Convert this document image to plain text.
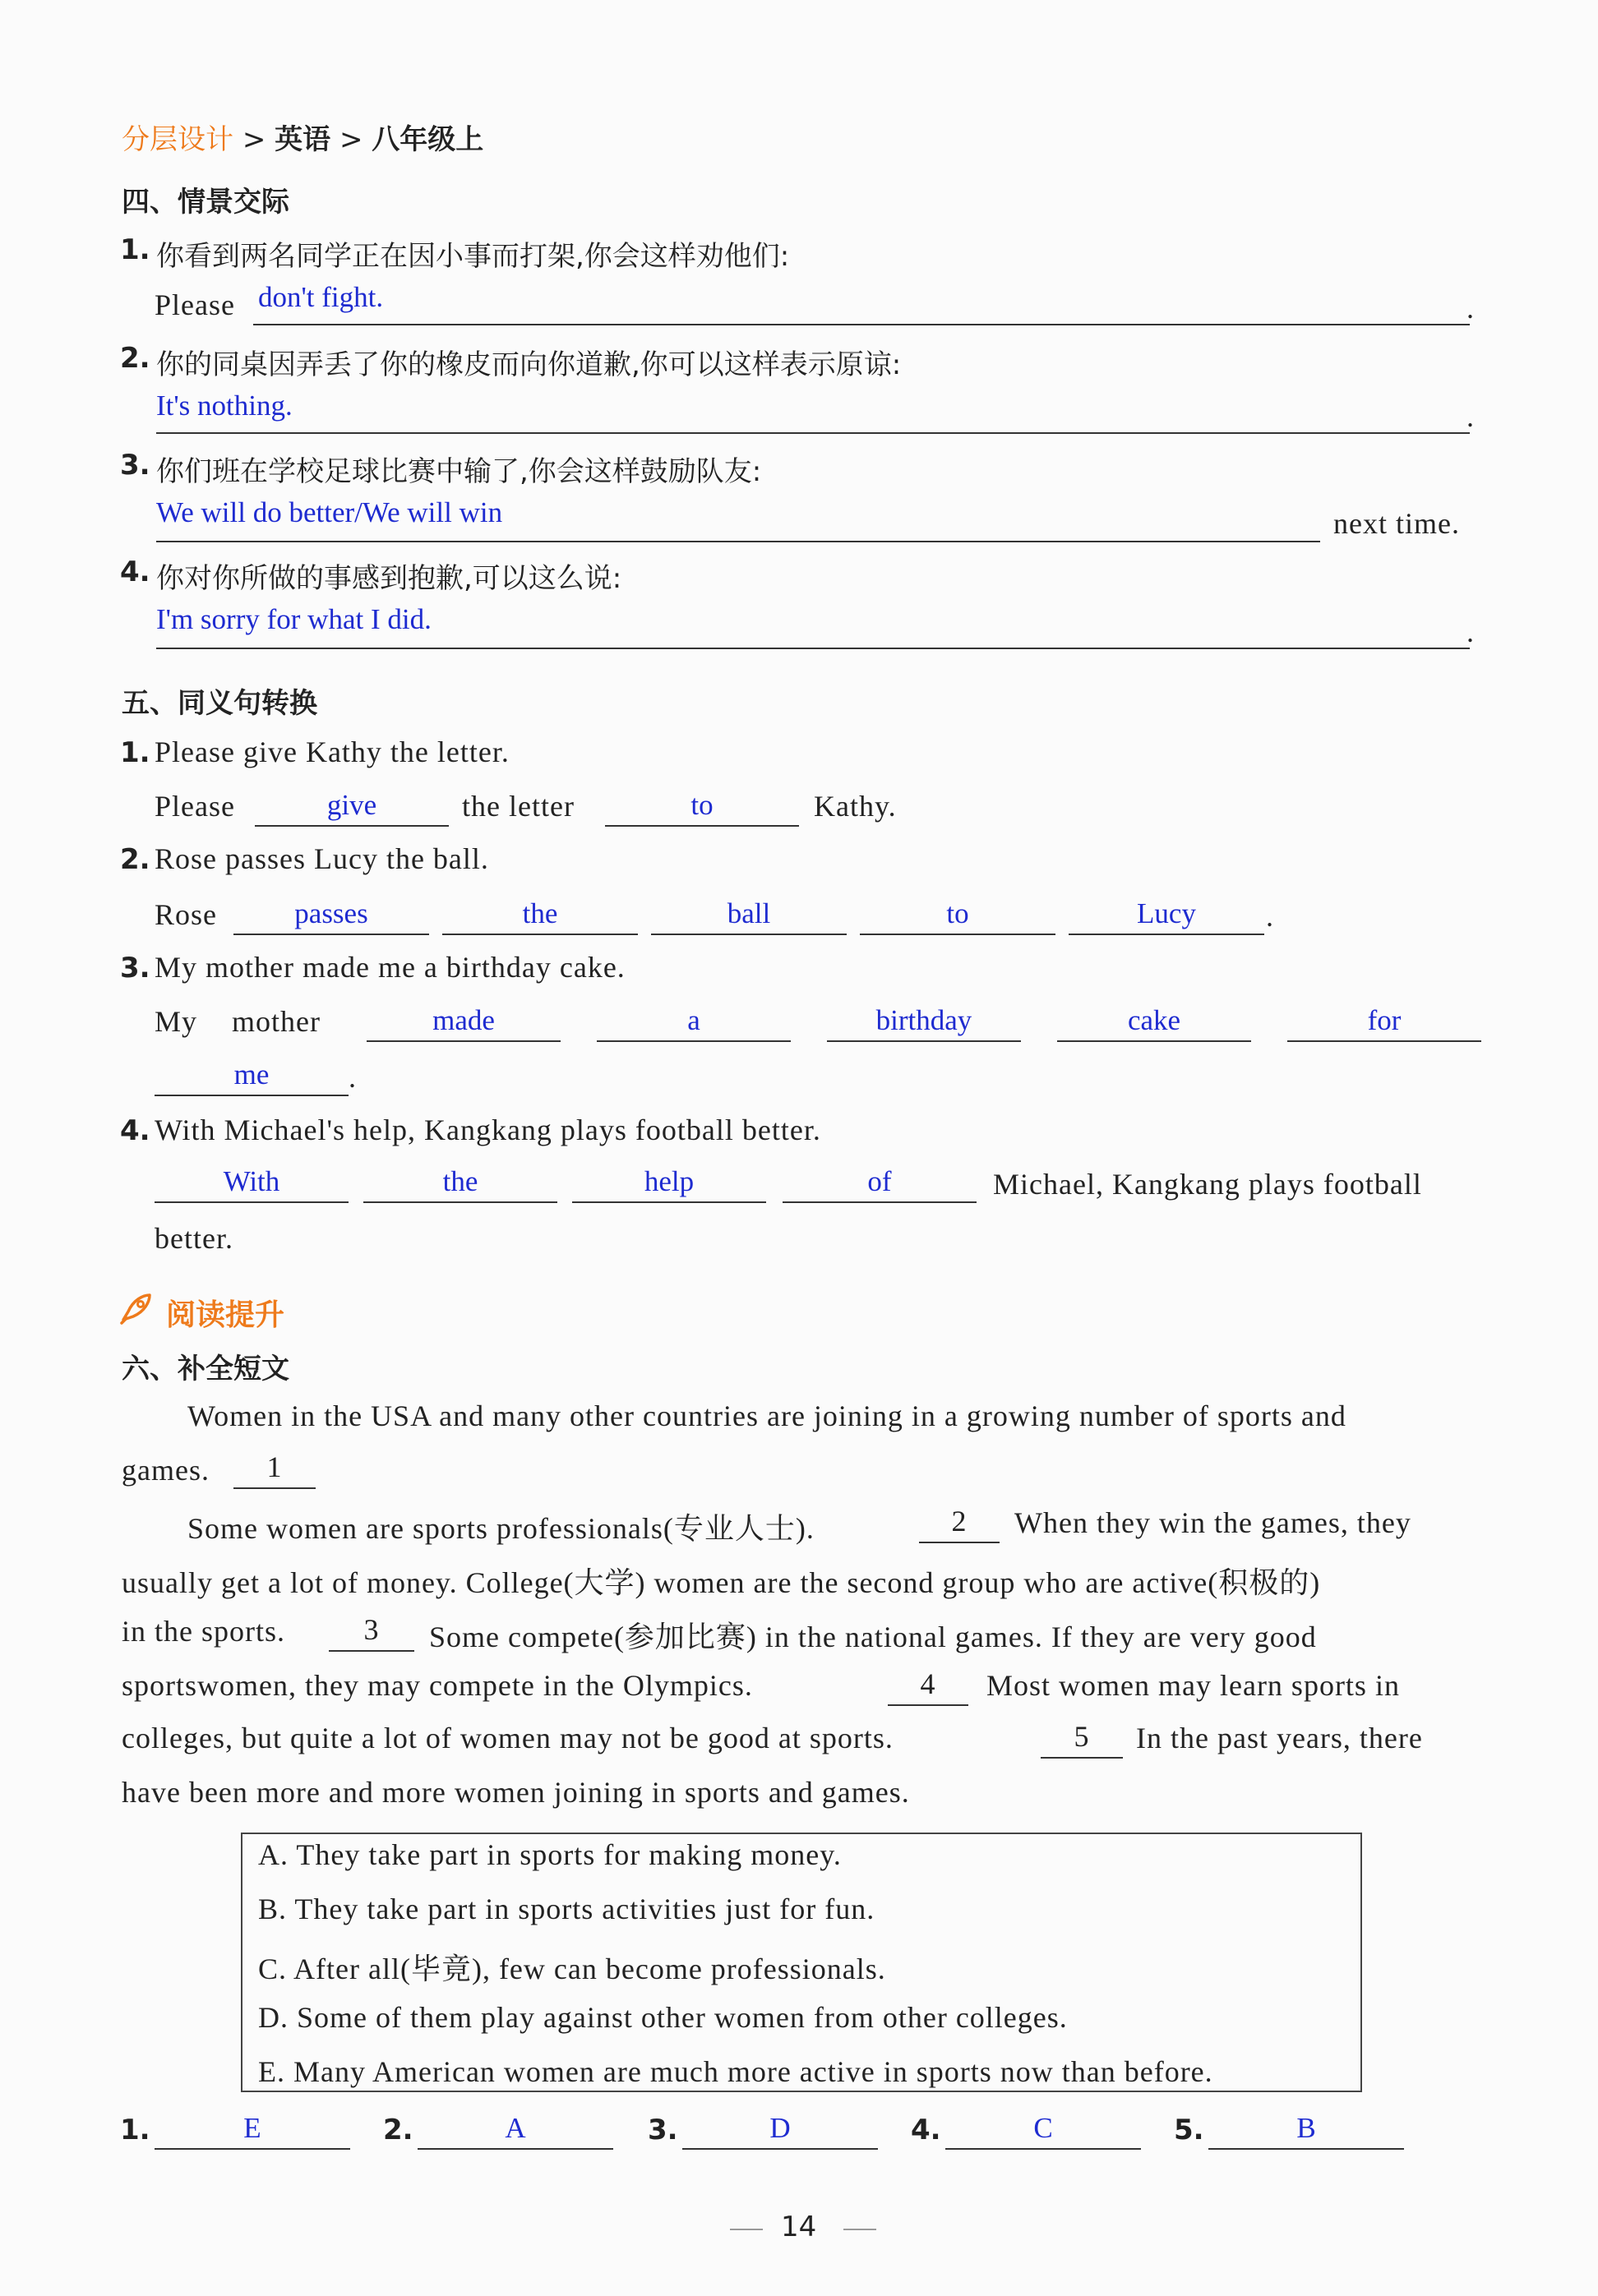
分层设计 > 英语 > 八年级上
四、情景交际
1. 你看到两名同学正在因小事而打架,你会这样劝他们:
Please don't fight.	.
2. 你的同桌因弄丢了你的橡皮而向你道歉,你可以这样表示原谅:
It's nothing.	.
3. 你们班在学校足球比赛中输了,你会这样鼓励队友:
We will do better/We will win	next time.
4. 你对你所做的事感到抱歉,可以这么说:
I'm sorry for what I did.	.
五、同义句转换
1. Please give Kathy the letter.
Please	give	the letter	to	Kathy.
2. Rose passes Lucy the ball.
Rose	passes	the	ball	to	Lucy	.
3. My mother made me a birthday cake.
My mother	made	a	birthday	cake	for
me	.
4. With Michael's help, Kangkang plays football better.
With	the	help	of	Michael, Kangkang plays football
better.
阅读提升
六、补全短文
Women in the USA and many other countries are joining in a growing number of sports and
games.	1
Some women are sports professionals(专业人士).	2	When they win the games, they
usually get a lot of money. College(大学) women are the second group who are active(积极的)
in the sports.	3	Some compete(参加比赛) in the national games. If they are very good
sportswomen, they may compete in the Olympics.	4	Most women may learn sports in
colleges, but quite a lot of women may not be good at sports.	5	In the past years, there
have been more and more women joining in sports and games.
A. They take part in sports for making money.
B. They take part in sports activities just for fun.
C. After all(毕竟), few can become professionals.
D. Some of them play against other women from other colleges.
E. Many American women are much more active in sports now than before.
1.	E	2.	A	3.	D	4.	C	5.	B
14
